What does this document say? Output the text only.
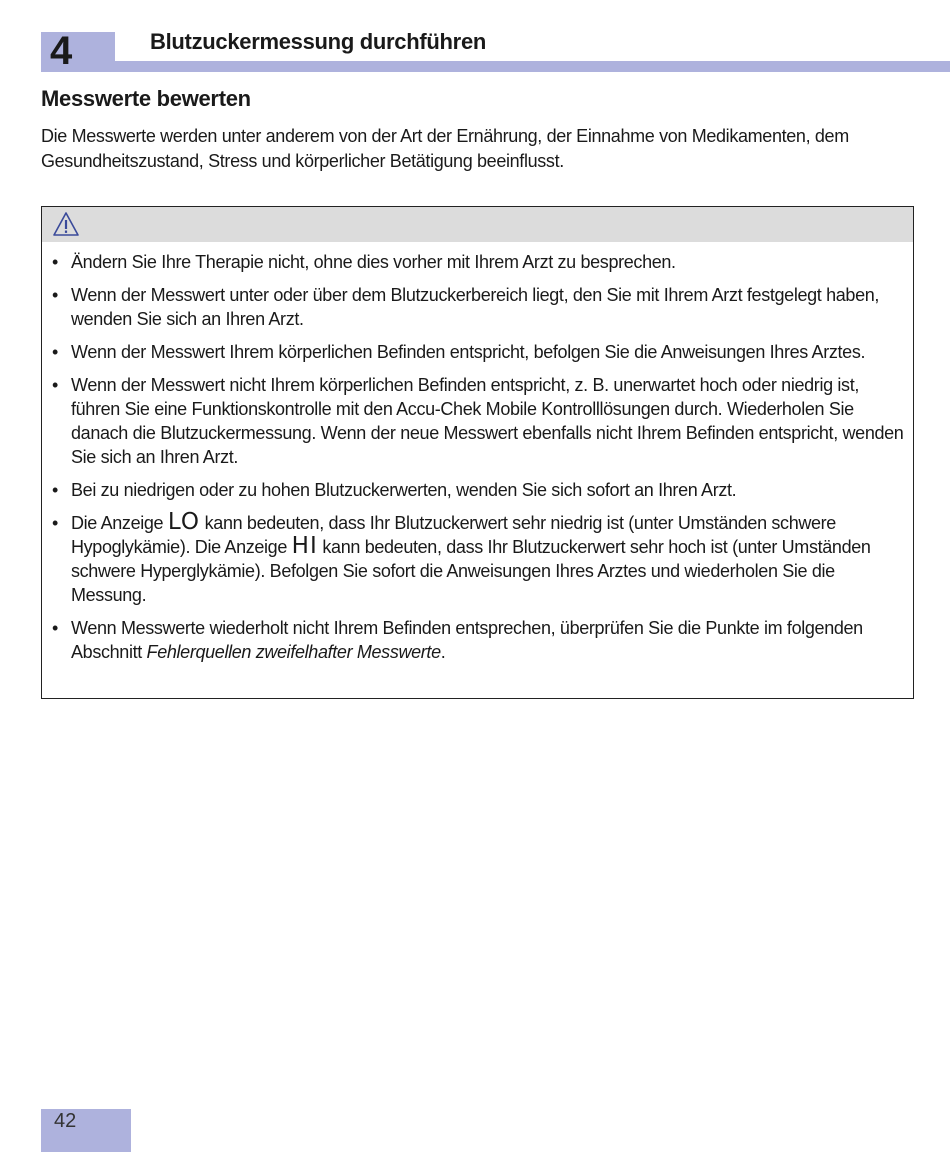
4	Blutzuckermessung durchführen
Messwerte bewerten

Die Messwerte werden unter anderem von der Art der Ernährung, der Einnahme von Medikamenten, dem Gesundheitszustand, Stress und körperlicher Betätigung beeinflusst.

• Ändern Sie Ihre Therapie nicht, ohne dies vorher mit Ihrem Arzt zu besprechen.
• Wenn der Messwert unter oder über dem Blutzuckerbereich liegt, den Sie mit Ihrem Arzt festgelegt haben, wenden Sie sich an Ihren Arzt.
• Wenn der Messwert Ihrem körperlichen Befinden entspricht, befolgen Sie die Anweisungen Ihres Arztes.
• Wenn der Messwert nicht Ihrem körperlichen Befinden entspricht, z. B. unerwartet hoch oder niedrig ist, führen Sie eine Funktionskontrolle mit den Accu-Chek Mobile Kontrolllösungen durch. Wiederholen Sie danach die Blutzuckermessung. Wenn der neue Messwert ebenfalls nicht Ihrem Befinden entspricht, wenden Sie sich an Ihren Arzt.
• Bei zu niedrigen oder zu hohen Blutzuckerwerten, wenden Sie sich sofort an Ihren Arzt.
• Die Anzeige LO kann bedeuten, dass Ihr Blutzuckerwert sehr niedrig ist (unter Umständen schwere Hypoglykämie). Die Anzeige HI kann bedeuten, dass Ihr Blutzuckerwert sehr hoch ist (unter Umständen schwere Hyperglykämie). Befolgen Sie sofort die Anweisungen Ihres Arztes und wiederholen Sie die Messung.
• Wenn Messwerte wiederholt nicht Ihrem Befinden entsprechen, überprüfen Sie die Punkte im folgenden Abschnitt Fehlerquellen zweifelhafter Messwerte.
42
